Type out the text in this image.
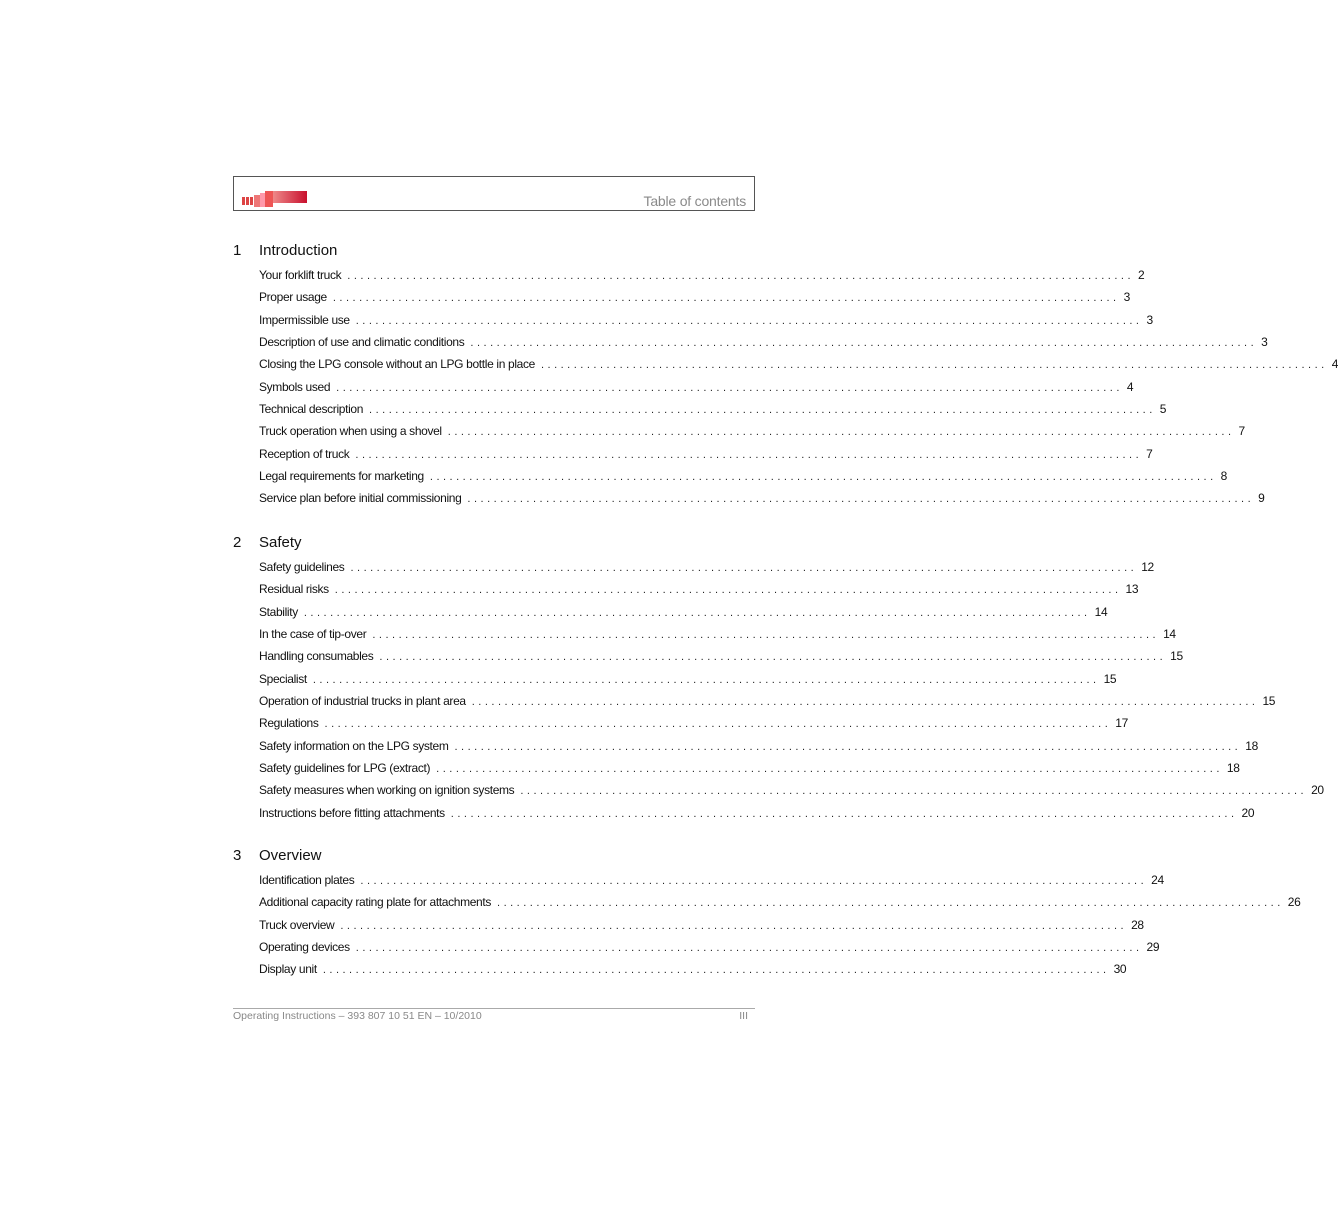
Table of contents
1	Introduction
Your forklift truck ........................................................................................................................ 2
Proper usage ........................................................................................................................ 3
Impermissible use ........................................................................................................................ 3
Description of use and climatic conditions ........................................................................................................................ 3
Closing the LPG console without an LPG bottle in place ........................................................................................................................ 4
Symbols used ........................................................................................................................ 4
Technical description ........................................................................................................................ 5
Truck operation when using a shovel ........................................................................................................................ 7
Reception of truck ........................................................................................................................ 7
Legal requirements for marketing ........................................................................................................................ 8
Service plan before initial commissioning ........................................................................................................................ 9
2	Safety
Safety guidelines ........................................................................................................................ 12
Residual risks ........................................................................................................................ 13
Stability ........................................................................................................................ 14
In the case of tip-over ........................................................................................................................ 14
Handling consumables ........................................................................................................................ 15
Specialist ........................................................................................................................ 15
Operation of industrial trucks in plant area ........................................................................................................................ 15
Regulations ........................................................................................................................ 17
Safety information on the LPG system ........................................................................................................................ 18
Safety guidelines for LPG (extract) ........................................................................................................................ 18
Safety measures when working on ignition systems ........................................................................................................................ 20
Instructions before fitting attachments ........................................................................................................................ 20
3	Overview
Identification plates ........................................................................................................................ 24
Additional capacity rating plate for attachments ........................................................................................................................ 26
Truck overview ........................................................................................................................ 28
Operating devices ........................................................................................................................ 29
Display unit ........................................................................................................................ 30
Operating Instructions – 393 807 10 51 EN – 10/2010	III
